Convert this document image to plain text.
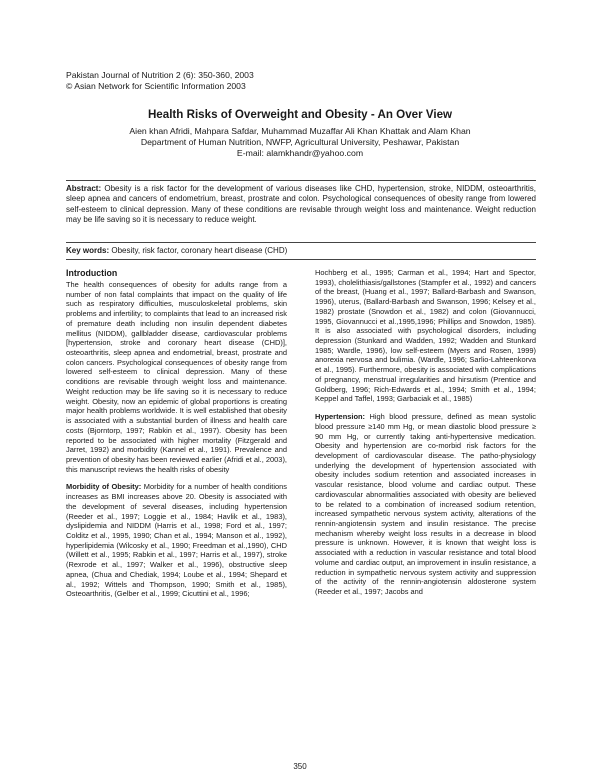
Pakistan Journal of Nutrition 2 (6): 350-360, 2003
© Asian Network for Scientific Information 2003
Health Risks of Overweight and Obesity - An Over View
Aien khan Afridi, Mahpara Safdar, Muhammad Muzaffar Ali Khan Khattak and Alam Khan
Department of Human Nutrition, NWFP, Agricultural University, Peshawar, Pakistan
E-mail: alamkhandr@yahoo.com
Abstract: Obesity is a risk factor for the development of various diseases like CHD, hypertension, stroke, NIDDM, osteoarthritis, sleep apnea and cancers of endometrium, breast, prostrate and colon. Psychological consequences of obesity range from lowered self-esteem to clinical depression. Many of these conditions are revisable through weight loss and maintenance. Weight reduction may be life saving so it is necessary to reduce weight.
Key words: Obesity, risk factor, coronary heart disease (CHD)

Introduction

The health consequences of obesity for adults range from a number of non fatal complaints that impact on the quality of life such as respiratory difficulties, musculoskeletal problems, skin problems and infertility; to complaints that lead to an increased risk of premature death including non insulin dependent diabetes mellitus (NIDDM), gallbladder disease, cardiovascular problems [hypertension, stroke and coronary heart disease (CHD)], osteoarthritis, sleep apnea and endometrial, breast, prostrate and colon cancers. Psychological consequences of obesity range from lowered self-esteem to clinical depression. Many of these conditions are revisable through weight loss and maintenance. Weight reduction may be life saving so it is necessary to reduce weight. Obesity, now an epidemic of global proportions is creating major health problems worldwide. It is well established that obesity is associated with a substantial burden of illness and health care costs (Bjorntorp, 1997; Rabkin et al., 1997). Obesity has been reported to be associated with higher mortality (Fitzgerald and Jarret, 1992) and morbidity (Kannel et al., 1991). Prevalence and prevention of obesity has been reviewed earlier (Afridi et al., 2003), this manuscript reviews the health risks of obesity

Morbidity of Obesity: Morbidity for a number of health conditions increases as BMI increases above 20. Obesity is associated with the development of several diseases, including hypertension (Reeder et al., 1997; Loggie et al., 1984; Havlik et al., 1983), dyslipidemia and NIDDM (Harris et al., 1998; Ford et al., 1997; Colditz et al., 1995, 1990; Chan et al., 1994; Manson et al., 1992), hyperlipidemia (Wilcosky et al., 1990; Freedman et al.,1990), CHD (Willett et al., 1995; Rabkin et al., 1997; Harris et al., 1997), stroke (Rexrode et al., 1997; Walker et al., 1996), obstructive sleep apnea, (Chua and Chediak, 1994; Loube et al., 1994; Shepard et al., 1992; Wittels and Thompson, 1990; Smith et al., 1985), Osteoarthritis, (Gelber et al., 1999; Cicuttini et al., 1996;

Hochberg et al., 1995; Carman et al., 1994; Hart and Spector, 1993), cholelithiasis/gallstones (Stampfer et al., 1992) and cancers of the breast, (Huang et al., 1997; Ballard-Barbash and Swanson, 1996), uterus, (Ballard-Barbash and Swanson, 1996; Kelsey et al., 1982) prostate (Snowdon et al., 1982) and colon (Giovannucci, 1995, Giovannucci et al.,1995,1996; Phillips and Snowdon, 1985). It is also associated with psychological disorders, including depression (Stunkard and Wadden, 1992; Wadden and Stunkard 1985; Wardle, 1996), low self-esteem (Myers and Rosen, 1999) anorexia nervosa and bulimia. (Wardle, 1996; Sarlio-Lahteenkorva et al., 1995). Furthermore, obesity is associated with complications of pregnancy, menstrual irregularities and hirsutism (Prentice and Goldberg, 1996; Rich-Edwards et al., 1994; Smith et al., 1994; Keppel and Taffel, 1993; Garbaciak et al., 1985)

Hypertension: High blood pressure, defined as mean systolic blood pressure ≥140 mm Hg, or mean diastolic blood pressure ≥ 90 mm Hg, or currently taking anti-hypertensive medication. Obesity and hypertension are co-morbid risk factors for the development of cardiovascular disease. The patho-physiology underlying the development of hypertension associated with obesity includes sodium retention and associated increases in vascular resistance, blood volume and cardiac output. These cardiovascular abnormalities associated with obesity are believed to be related to a combination of increased sodium retention, increased sympathetic nervous system activity, alterations of the rennin-angiotensin system and insulin resistance. The precise mechanism whereby weight loss results in a decrease in blood pressure is unknown. However, it is known that weight loss is associated with a reduction in vascular resistance and total blood volume and cardiac output, an improvement in insulin resistance, a reduction in sympathetic nervous system activity and suppression of the activity of the rennin-angiotensin aldosterone system (Reeder et al., 1997; Jacobs and

350
